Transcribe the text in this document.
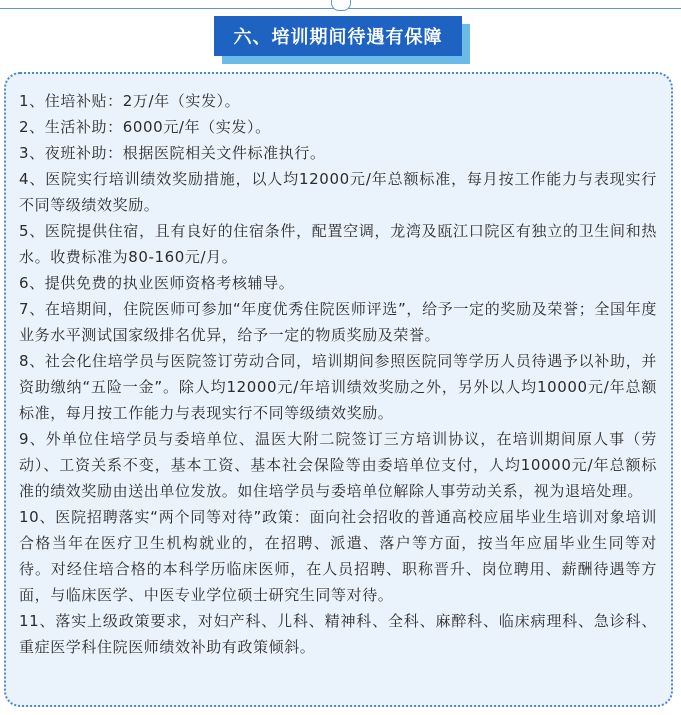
六、培训期间待遇有保障

1、住培补贴：2万/年（实发）。

2、生活补助：6000元/年（实发）。

3、夜班补助：根据医院相关文件标准执行。

4、医院实行培训绩效奖励措施，以人均12000元/年总额标准，每月按工作能力与表现实行不同等级绩效奖励。

5、医院提供住宿，且有良好的住宿条件，配置空调，龙湾及瓯江口院区有独立的卫生间和热水。收费标准为80-160元/月。

6、提供免费的执业医师资格考核辅导。

7、在培期间，住院医师可参加“年度优秀住院医师评选”，给予一定的奖励及荣誉；全国年度业务水平测试国家级排名优异，给予一定的物质奖励及荣誉。

8、社会化住培学员与医院签订劳动合同，培训期间参照医院同等学历人员待遇予以补助，并资助缴纳“五险一金”。除人均12000元/年培训绩效奖励之外，另外以人均10000元/年总额标准，每月按工作能力与表现实行不同等级绩效奖励。

9、外单位住培学员与委培单位、温医大附二院签订三方培训协议，在培训期间原人事（劳动）、工资关系不变，基本工资、基本社会保险等由委培单位支付，人均10000元/年总额标准的绩效奖励由送出单位发放。如住培学员与委培单位解除人事劳动关系，视为退培处理。

10、医院招聘落实“两个同等对待”政策：面向社会招收的普通高校应届毕业生培训对象培训合格当年在医疗卫生机构就业的，在招聘、派遣、落户等方面，按当年应届毕业生同等对待。对经住培合格的本科学历临床医师，在人员招聘、职称晋升、岗位聘用、薪酬待遇等方面，与临床医学、中医专业学位硕士研究生同等对待。

11、落实上级政策要求，对妇产科、儿科、精神科、全科、麻醉科、临床病理科、急诊科、重症医学科住院医师绩效补助有政策倾斜。
